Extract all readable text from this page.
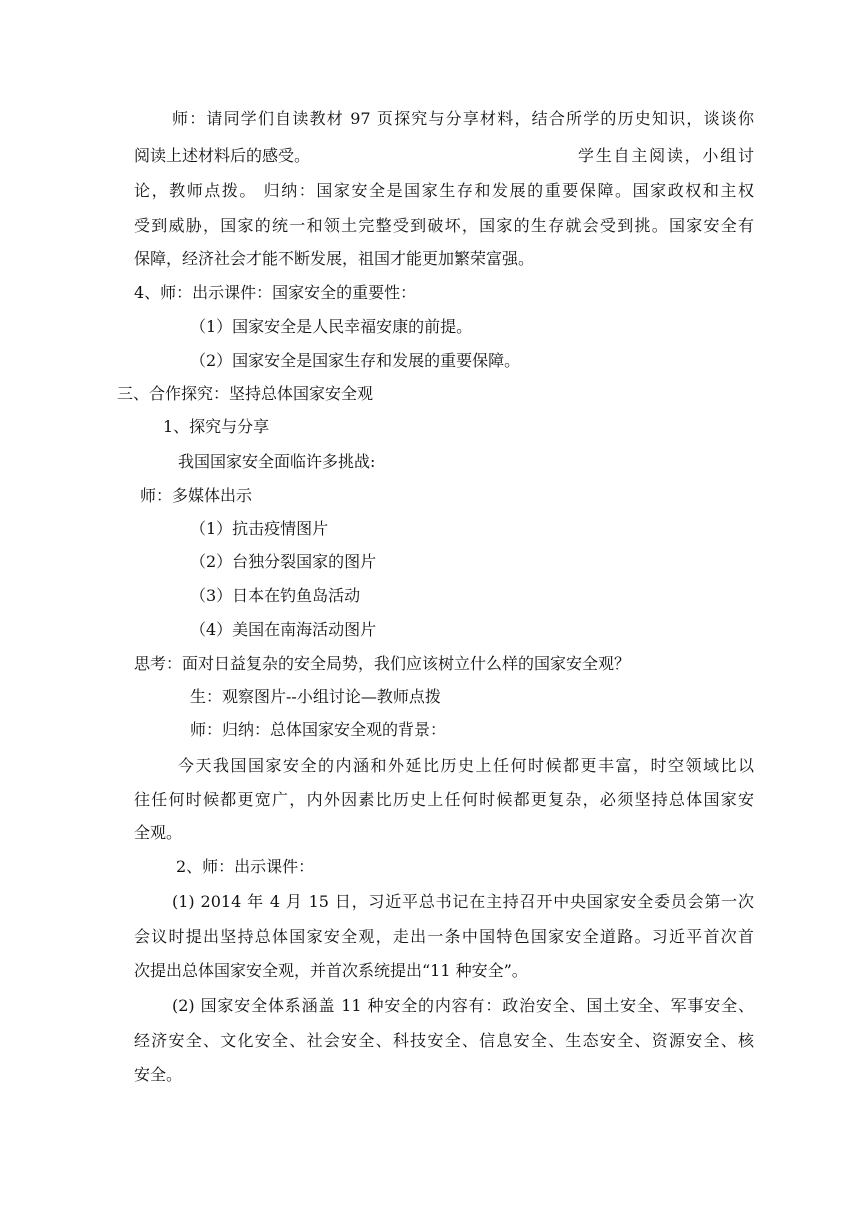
师：请同学们自读教材 97 页探究与分享材料，结合所学的历史知识，谈谈你
阅读上述材料后的感受。	学生自主阅读，小组讨
论，教师点拨。 归纳：国家安全是国家生存和发展的重要保障。国家政权和主权
受到威胁，国家的统一和领土完整受到破坏，国家的生存就会受到挑。国家安全有
保障，经济社会才能不断发展，祖国才能更加繁荣富强。
4、师：出示课件：国家安全的重要性：
（1）国家安全是人民幸福安康的前提。
（2）国家安全是国家生存和发展的重要保障。
三、合作探究：坚持总体国家安全观
1、探究与分享
我国国家安全面临许多挑战:
师：多媒体出示
（1）抗击疫情图片
（2）台独分裂国家的图片
（3）日本在钓鱼岛活动
（4）美国在南海活动图片
思考：面对日益复杂的安全局势，我们应该树立什么样的国家安全观？
生：观察图片--小组讨论—教师点拨
师：归纳：总体国家安全观的背景：
今天我国国家安全的内涵和外延比历史上任何时候都更丰富，时空领域比以
往任何时候都更宽广，内外因素比历史上任何时候都更复杂，必须坚持总体国家安
全观。
2、师：出示课件：
(1) 2014 年 4 月 15 日，习近平总书记在主持召开中央国家安全委员会第一次
会议时提出坚持总体国家安全观，走出一条中国特色国家安全道路。习近平首次首
次提出总体国家安全观，并首次系统提出“11 种安全”。
(2) 国家安全体系涵盖 11 种安全的内容有：政治安全、国土安全、军事安全、
经济安全、文化安全、社会安全、科技安全、信息安全、生态安全、资源安全、核
安全。
